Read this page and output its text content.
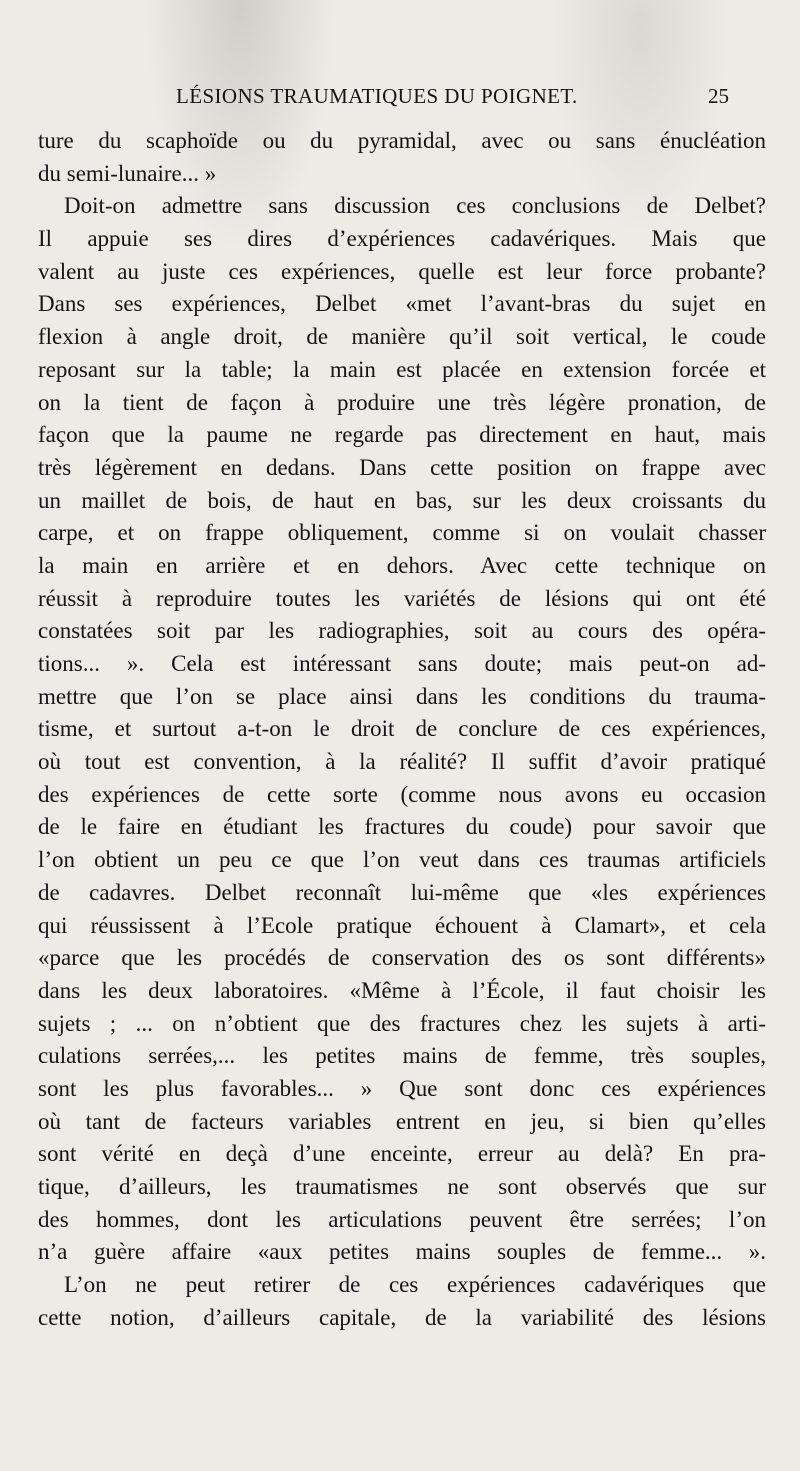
LÉSIONS TRAUMATIQUES DU POIGNET.	25
ture du scaphoïde ou du pyramidal, avec ou sans énucléation
du semi-lunaire... »
Doit-on admettre sans discussion ces conclusions de Delbet?
Il appuie ses dires d’expériences cadavériques. Mais que
valent au juste ces expériences, quelle est leur force probante?
Dans ses expériences, Delbet «met l’avant-bras du sujet en
flexion à angle droit, de manière qu’il soit vertical, le coude
reposant sur la table; la main est placée en extension forcée et
on la tient de façon à produire une très légère pronation, de
façon que la paume ne regarde pas directement en haut, mais
très légèrement en dedans. Dans cette position on frappe avec
un maillet de bois, de haut en bas, sur les deux croissants du
carpe, et on frappe obliquement, comme si on voulait chasser
la main en arrière et en dehors. Avec cette technique on
réussit à reproduire toutes les variétés de lésions qui ont été
constatées soit par les radiographies, soit au cours des opéra-
tions... ». Cela est intéressant sans doute; mais peut-on ad-
mettre que l’on se place ainsi dans les conditions du trauma-
tisme, et surtout a-t-on le droit de conclure de ces expériences,
où tout est convention, à la réalité? Il suffit d’avoir pratiqué
des expériences de cette sorte (comme nous avons eu occasion
de le faire en étudiant les fractures du coude) pour savoir que
l’on obtient un peu ce que l’on veut dans ces traumas artificiels
de cadavres. Delbet reconnaît lui-même que «les expériences
qui réussissent à l’Ecole pratique échouent à Clamart», et cela
«parce que les procédés de conservation des os sont différents»
dans les deux laboratoires. «Même à l’École, il faut choisir les
sujets ; ... on n’obtient que des fractures chez les sujets à arti-
culations serrées,... les petites mains de femme, très souples,
sont les plus favorables... » Que sont donc ces expériences
où tant de facteurs variables entrent en jeu, si bien qu’elles
sont vérité en deçà d’une enceinte, erreur au delà? En pra-
tique, d’ailleurs, les traumatismes ne sont observés que sur
des hommes, dont les articulations peuvent être serrées; l’on
n’a guère affaire «aux petites mains souples de femme... ».
L’on ne peut retirer de ces expériences cadavériques que
cette notion, d’ailleurs capitale, de la variabilité des lésions
